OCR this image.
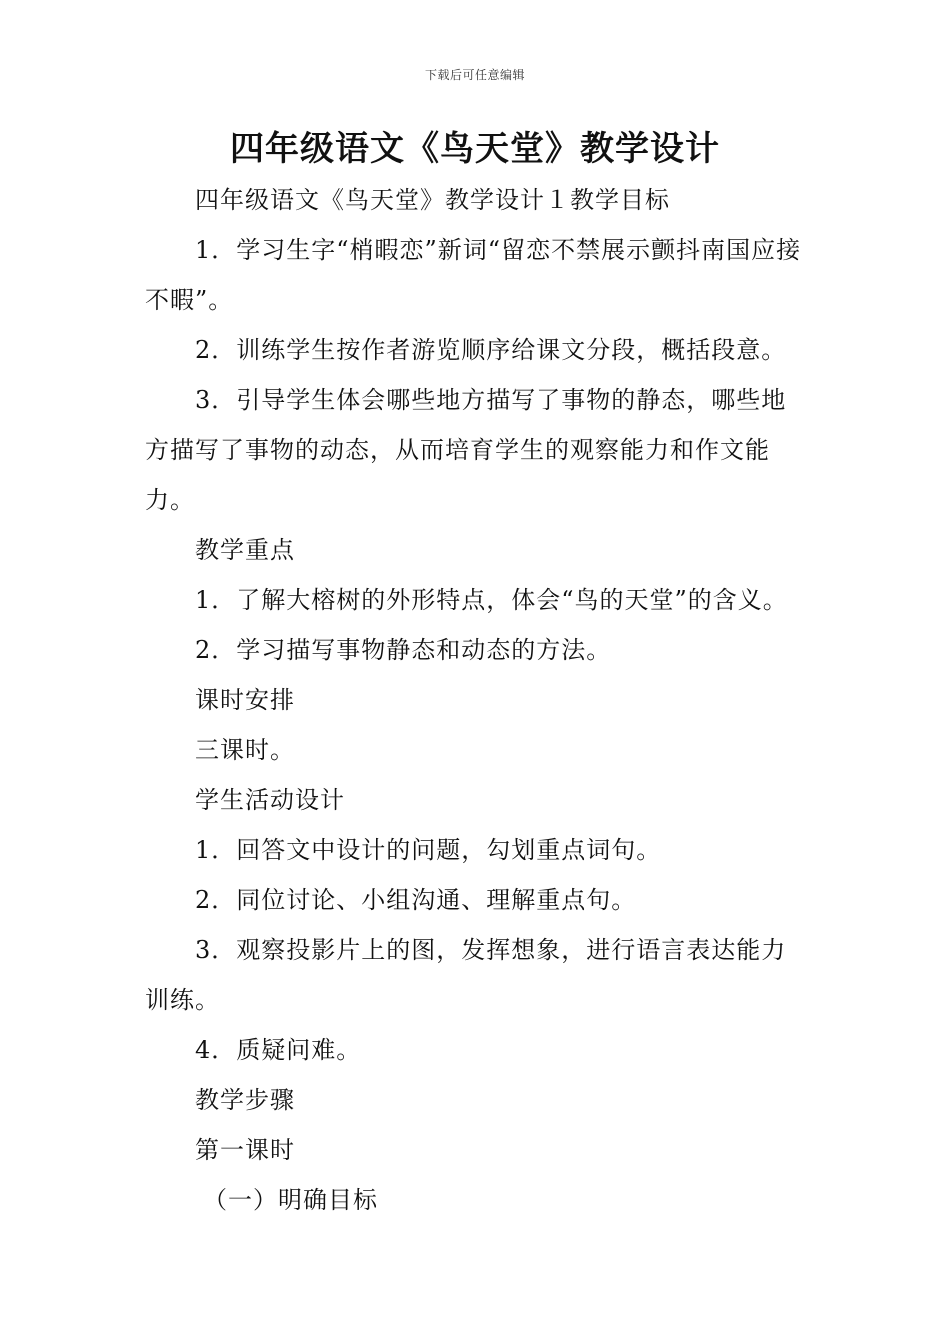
下载后可任意编辑
四年级语文《鸟天堂》教学设计

四年级语文《鸟天堂》教学设计１教学目标

1．学习生字“梢暇恋”新词“留恋不禁展示颤抖南国应接不暇”。

2．训练学生按作者游览顺序给课文分段，概括段意。

3．引导学生体会哪些地方描写了事物的静态，哪些地方描写了事物的动态，从而培育学生的观察能力和作文能力。

教学重点

1．了解大榕树的外形特点，体会“鸟的天堂”的含义。

2．学习描写事物静态和动态的方法。

课时安排

三课时。

学生活动设计

1．回答文中设计的问题，勾划重点词句。

2．同位讨论、小组沟通、理解重点句。

3．观察投影片上的图，发挥想象，进行语言表达能力训练。

4．质疑问难。

教学步骤

第一课时

（一）明确目标
